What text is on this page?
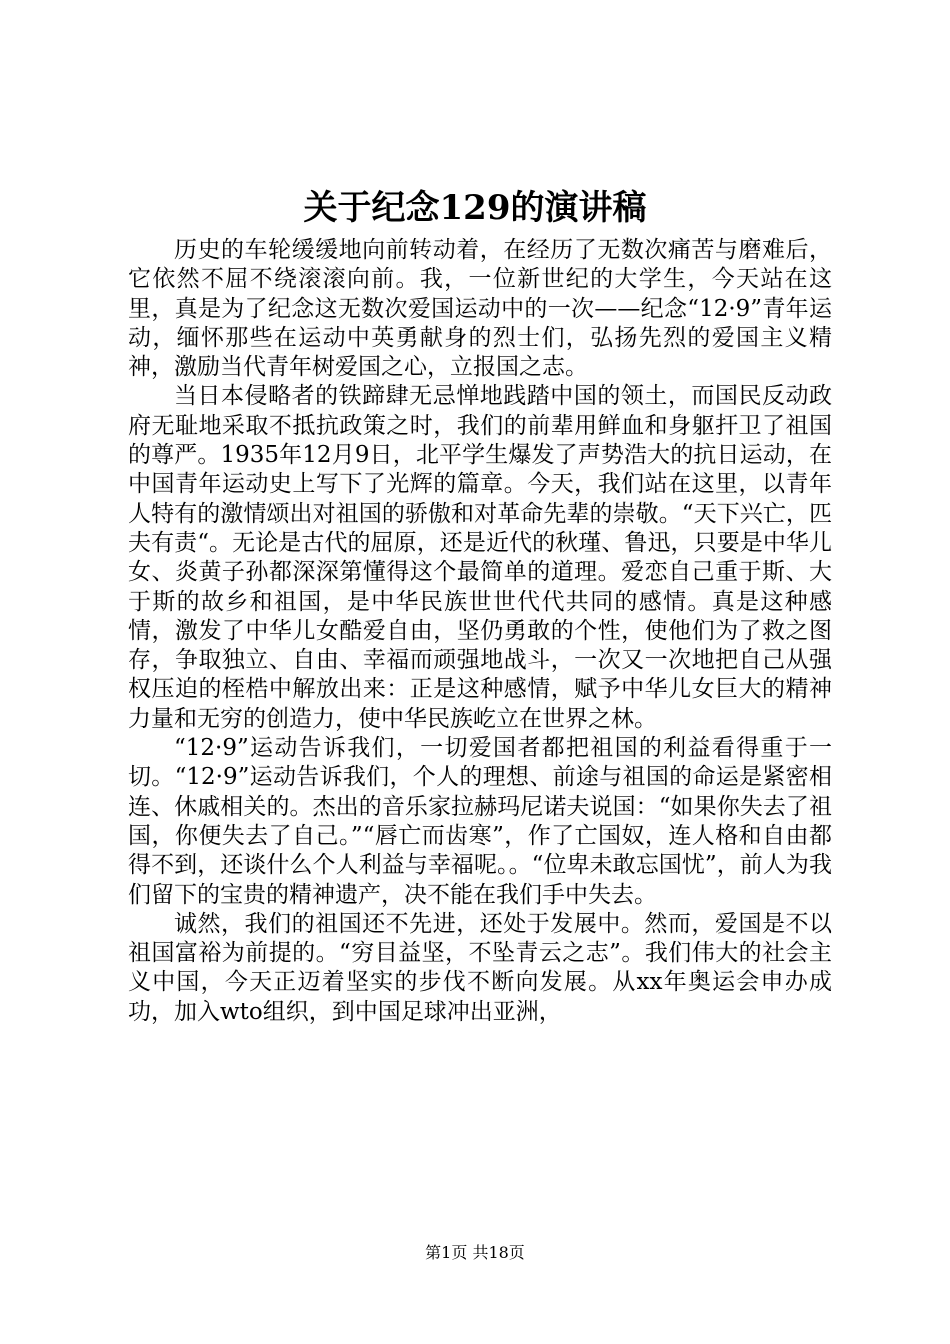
关于纪念129的演讲稿

历史的车轮缓缓地向前转动着，在经历了无数次痛苦与磨难后，它依然不屈不绕滚滚向前。我，一位新世纪的大学生，今天站在这里，真是为了纪念这无数次爱国运动中的一次——纪念“12·9”青年运动，缅怀那些在运动中英勇献身的烈士们，弘扬先烈的爱国主义精神，激励当代青年树爱国之心，立报国之志。

当日本侵略者的铁蹄肆无忌惮地践踏中国的领土，而国民反动政府无耻地采取不抵抗政策之时，我们的前辈用鲜血和身躯扞卫了祖国的尊严。1935年12月9日，北平学生爆发了声势浩大的抗日运动，在中国青年运动史上写下了光辉的篇章。今天，我们站在这里，以青年人特有的激情颂出对祖国的骄傲和对革命先辈的崇敬。“天下兴亡，匹夫有责“。无论是古代的屈原，还是近代的秋瑾、鲁迅，只要是中华儿女、炎黄子孙都深深第懂得这个最简单的道理。爱恋自己重于斯、大于斯的故乡和祖国，是中华民族世世代代共同的感情。真是这种感情，激发了中华儿女酷爱自由，坚仍勇敢的个性，使他们为了救之图存，争取独立、自由、幸福而顽强地战斗，一次又一次地把自己从强权压迫的桎梏中解放出来：正是这种感情，赋予中华儿女巨大的精神力量和无穷的创造力，使中华民族屹立在世界之林。

“12·9”运动告诉我们，一切爱国者都把祖国的利益看得重于一切。“12·9”运动告诉我们，个人的理想、前途与祖国的命运是紧密相连、休戚相关的。杰出的音乐家拉赫玛尼诺夫说国：“如果你失去了祖国，你便失去了自己。”“唇亡而齿寒”，作了亡国奴，连人格和自由都得不到，还谈什么个人利益与幸福呢。。“位卑未敢忘国忧”，前人为我们留下的宝贵的精神遗产，决不能在我们手中失去。

诚然，我们的祖国还不先进，还处于发展中。然而，爱国是不以祖国富裕为前提的。“穷目益坚，不坠青云之志”。我们伟大的社会主义中国，今天正迈着坚实的步伐不断向发展。从xx年奥运会申办成功，加入wto组织，到中国足球冲出亚洲，

第1页 共18页
